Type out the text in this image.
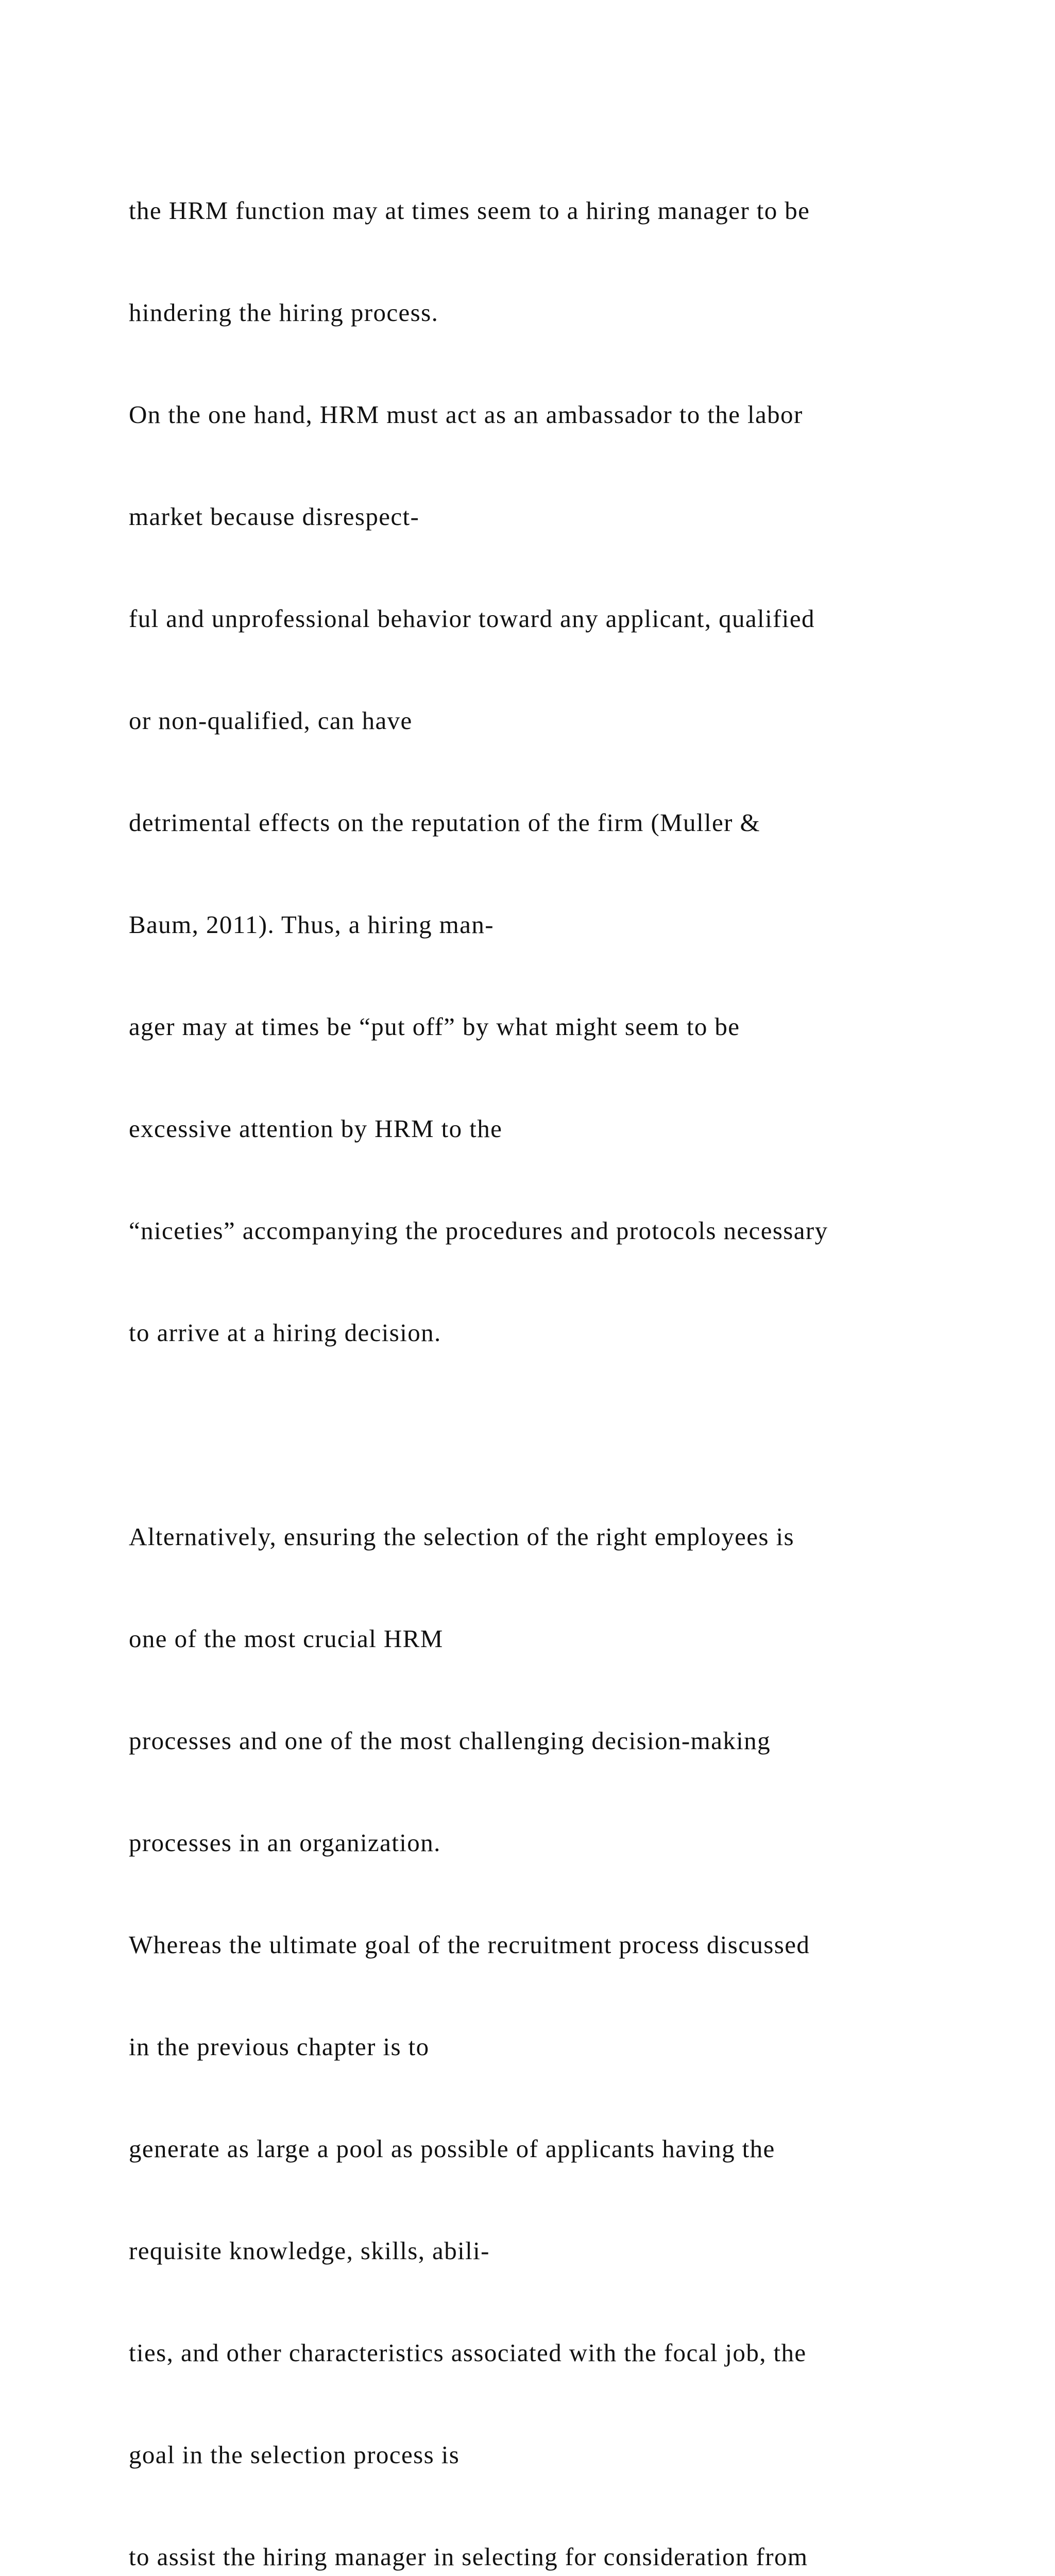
the HRM function may at times seem to a hiring manager to be

hindering the hiring process.

On the one hand, HRM must act as an ambassador to the labor

market because disrespect-

ful and unprofessional behavior toward any applicant, qualified

or non-qualified, can have

detrimental effects on the reputation of the firm (Muller &

Baum, 2011). Thus, a hiring man-

ager may at times be “put off” by what might seem to be

excessive attention by HRM to the

“niceties” accompanying the procedures and protocols necessary

to arrive at a hiring decision.

Alternatively, ensuring the selection of the right employees is

one of the most crucial HRM

processes and one of the most challenging decision-making

processes in an organization.

Whereas the ultimate goal of the recruitment process discussed

in the previous chapter is to

generate as large a pool as possible of applicants having the

requisite knowledge, skills, abili-

ties, and other characteristics associated with the focal job, the

goal in the selection process is

to assist the hiring manager in selecting for consideration from
